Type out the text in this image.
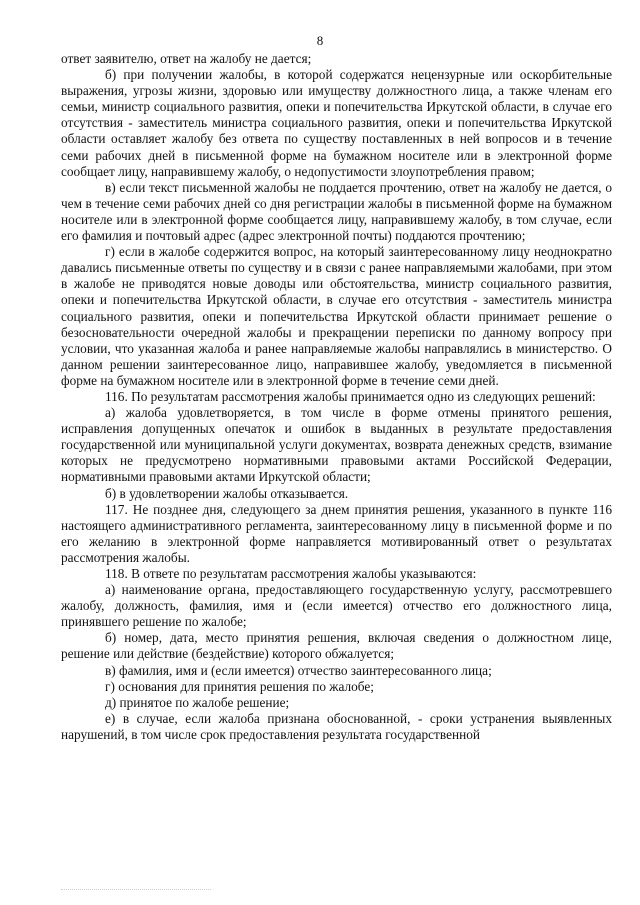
8

ответ заявителю, ответ на жалобу не дается;

б) при получении жалобы, в которой содержатся нецензурные или оскорбительные выражения, угрозы жизни, здоровью или имуществу должностного лица, а также членам его семьи, министр социального развития, опеки и попечительства Иркутской области, в случае его отсутствия - заместитель министра социального развития, опеки и попечительства Иркутской области оставляет жалобу без ответа по существу поставленных в ней вопросов и в течение семи рабочих дней в письменной форме на бумажном носителе или в электронной форме сообщает лицу, направившему жалобу, о недопустимости злоупотребления правом;

в) если текст письменной жалобы не поддается прочтению, ответ на жалобу не дается, о чем в течение семи рабочих дней со дня регистрации жалобы в письменной форме на бумажном носителе или в электронной форме сообщается лицу, направившему жалобу, в том случае, если его фамилия и почтовый адрес (адрес электронной почты) поддаются прочтению;

г) если в жалобе содержится вопрос, на который заинтересованному лицу неоднократно давались письменные ответы по существу и в связи с ранее направляемыми жалобами, при этом в жалобе не приводятся новые доводы или обстоятельства, министр социального развития, опеки и попечительства Иркутской области, в случае его отсутствия - заместитель министра социального развития, опеки и попечительства Иркутской области принимает решение о безосновательности очередной жалобы и прекращении переписки по данному вопросу при условии, что указанная жалоба и ранее направляемые жалобы направлялись в министерство. О данном решении заинтересованное лицо, направившее жалобу, уведомляется в письменной форме на бумажном носителе или в электронной форме в течение семи дней.

116. По результатам рассмотрения жалобы принимается одно из следующих решений:

а) жалоба удовлетворяется, в том числе в форме отмены принятого решения, исправления допущенных опечаток и ошибок в выданных в результате предоставления государственной или муниципальной услуги документах, возврата денежных средств, взимание которых не предусмотрено нормативными правовыми актами Российской Федерации, нормативными правовыми актами Иркутской области;

б) в удовлетворении жалобы отказывается.

117. Не позднее дня, следующего за днем принятия решения, указанного в пункте 116 настоящего административного регламента, заинтересованному лицу в письменной форме и по его желанию в электронной форме направляется мотивированный ответ о результатах рассмотрения жалобы.

118. В ответе по результатам рассмотрения жалобы указываются:

а) наименование органа, предоставляющего государственную услугу, рассмотревшего жалобу, должность, фамилия, имя и (если имеется) отчество его должностного лица, принявшего решение по жалобе;

б) номер, дата, место принятия решения, включая сведения о должностном лице, решение или действие (бездействие) которого обжалуется;

в) фамилия, имя и (если имеется) отчество заинтересованного лица;

г) основания для принятия решения по жалобе;

д) принятое по жалобе решение;

е) в случае, если жалоба признана обоснованной, - сроки устранения выявленных нарушений, в том числе срок предоставления результата государственной
